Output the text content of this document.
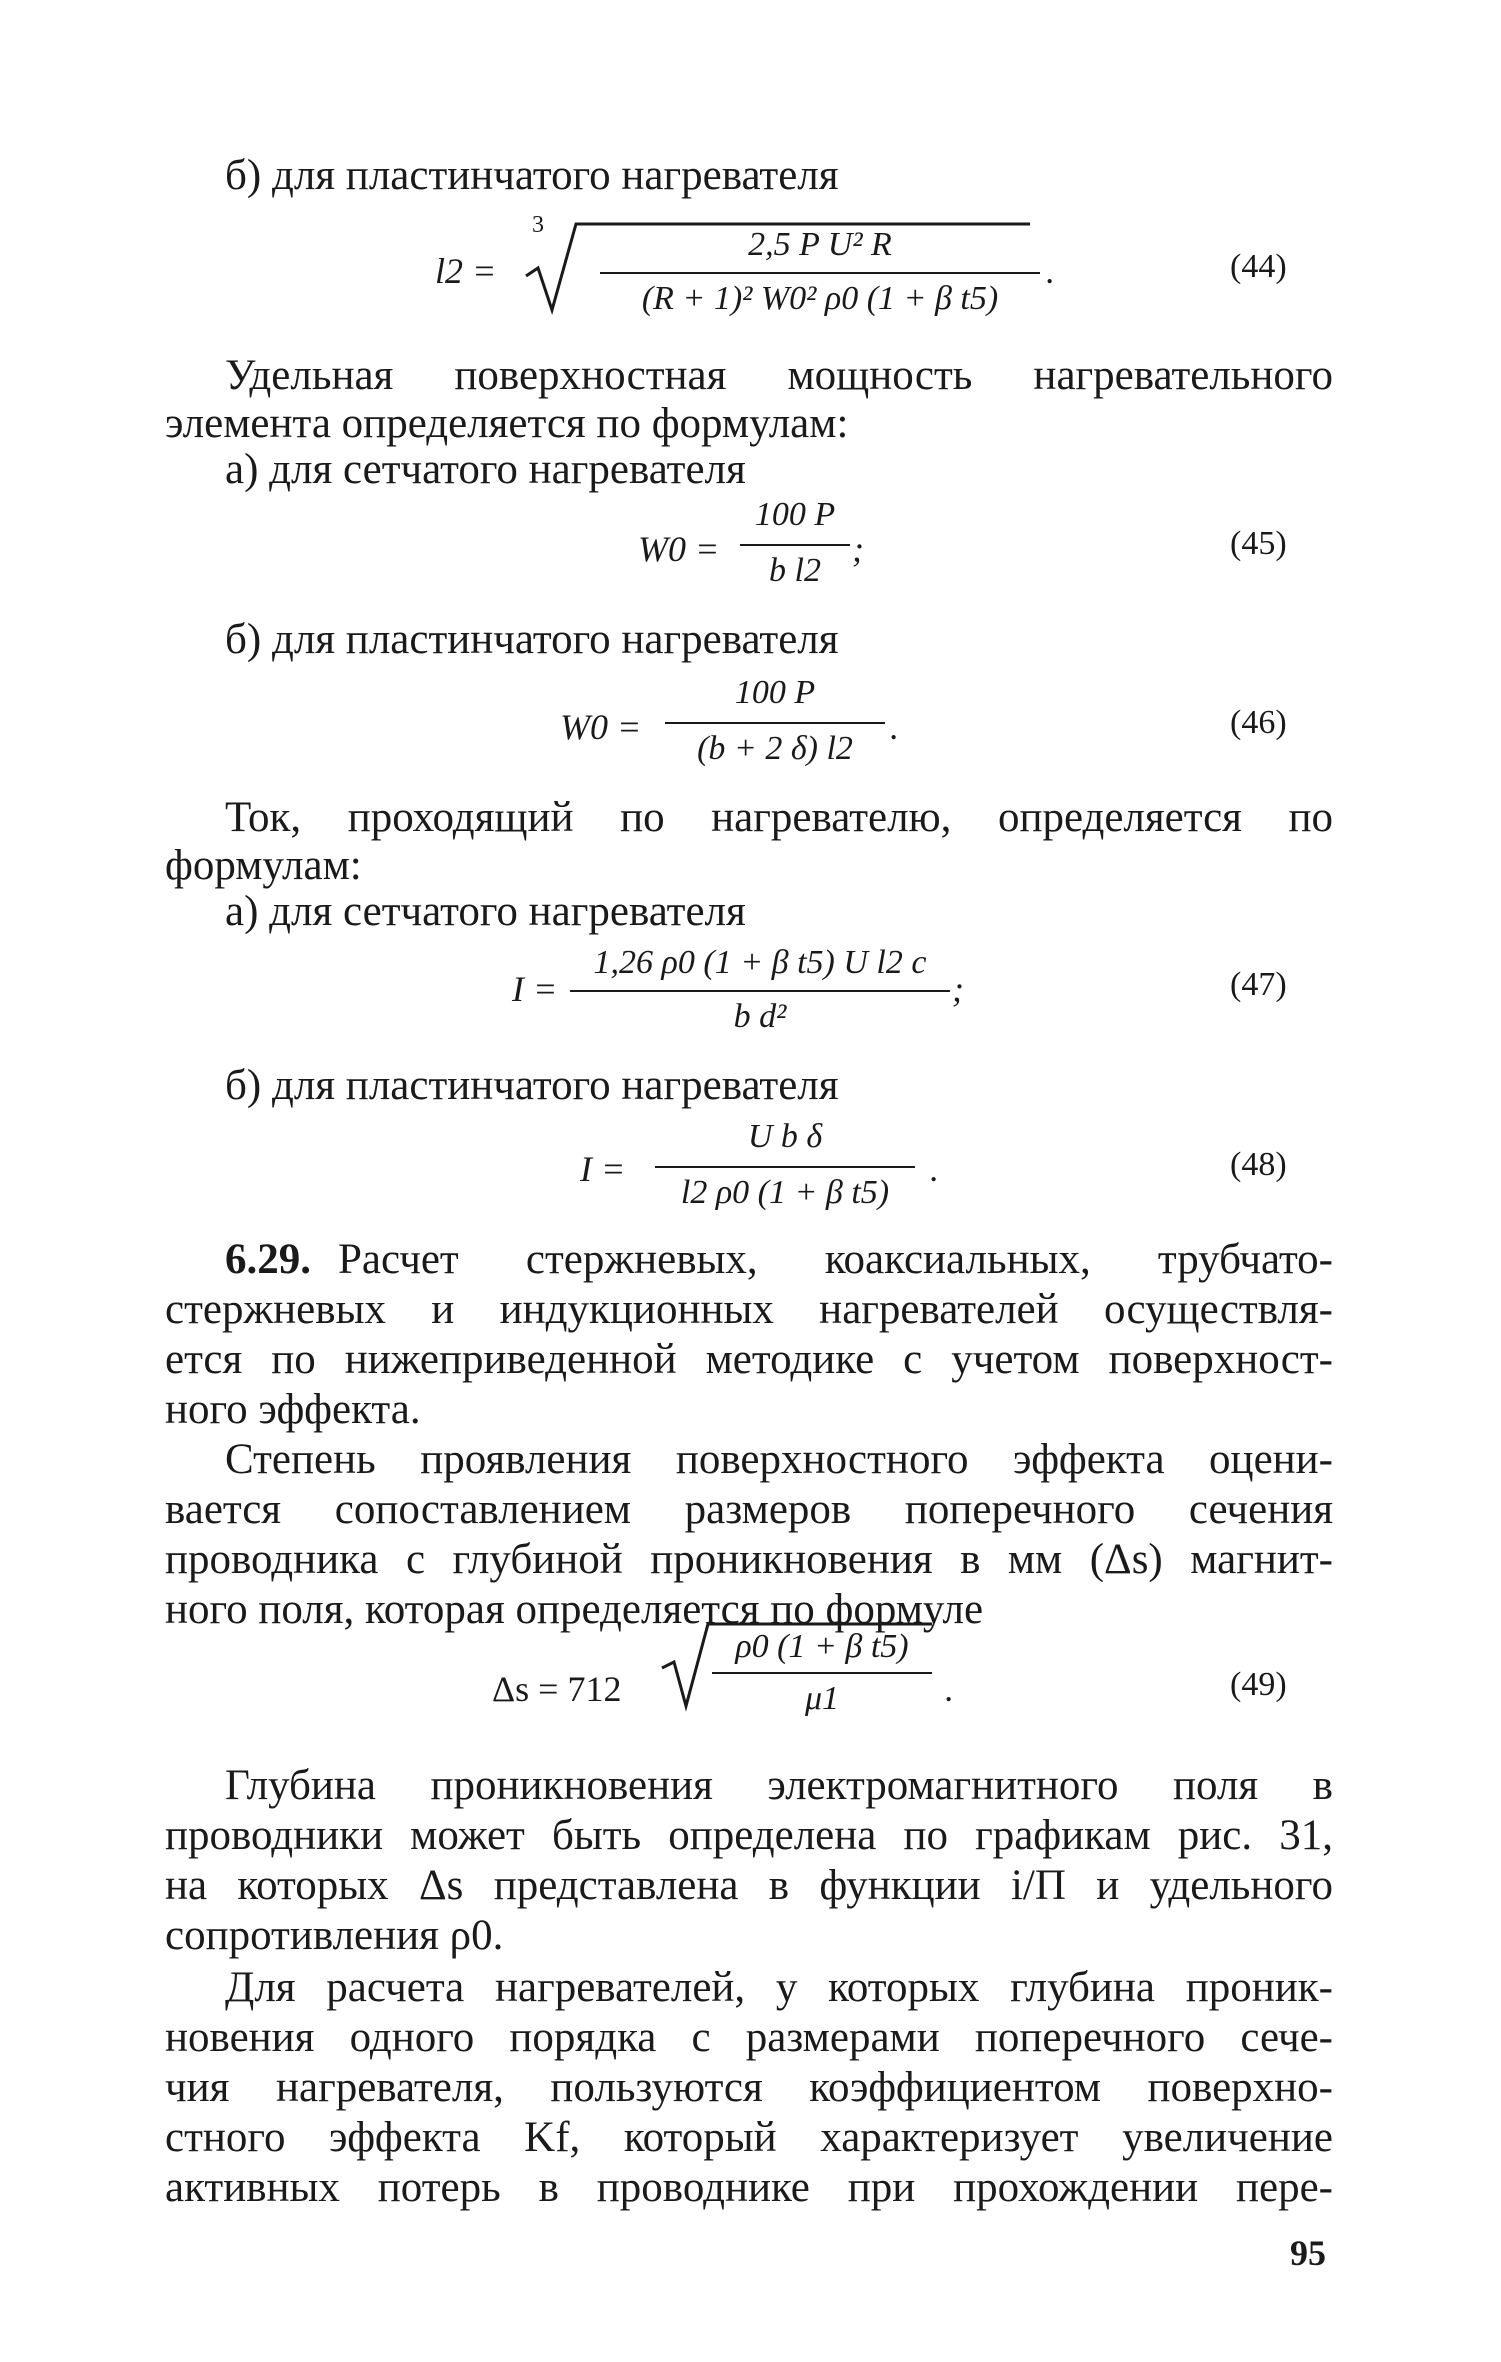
б) для пластинчатого нагревателя
l2 =
3
2,5 P U² R
(R + 1)² W0² ρ0 (1 + β t5)
.	(44)
Удельная поверхностная мощность нагревательного
элемента определяется по формулам:
а) для сетчатого нагревателя
W0 =
100 P
b l2
;	(45)
б) для пластинчатого нагревателя
W0 =
100 P
(b + 2 δ) l2
.	(46)
Ток, проходящий по нагревателю, определяется по
формулам:
а) для сетчатого нагревателя
I =
1,26 ρ0 (1 + β t5) U l2 c
b d²
;	(47)
б) для пластинчатого нагревателя
I =
U b δ
l2 ρ0 (1 + β t5)
.	(48)
6.29. Расчет стержневых, коаксиальных, трубчато-
стержневых и индукционных нагревателей осуществля-
ется по нижеприведенной методике с учетом поверхност-
ного эффекта.
Степень проявления поверхностного эффекта оцени-
вается сопоставлением размеров поперечного сечения
проводника с глубиной проникновения в мм (Δs) магнит-
ного поля, которая определяется по формуле
Δs = 712
ρ0 (1 + β t5)
μ1	.	(49)
Глубина проникновения электромагнитного поля в
проводники может быть определена по графикам рис. 31,
на которых Δs представлена в функции i/П и удельного
сопротивления ρ0.
Для расчета нагревателей, у которых глубина проник-
новения одного порядка с размерами поперечного сече-
чия нагревателя, пользуются коэффициентом поверхно-
стного эффекта Kf, который характеризует увеличение
активных потерь в проводнике при прохождении пере-
95
